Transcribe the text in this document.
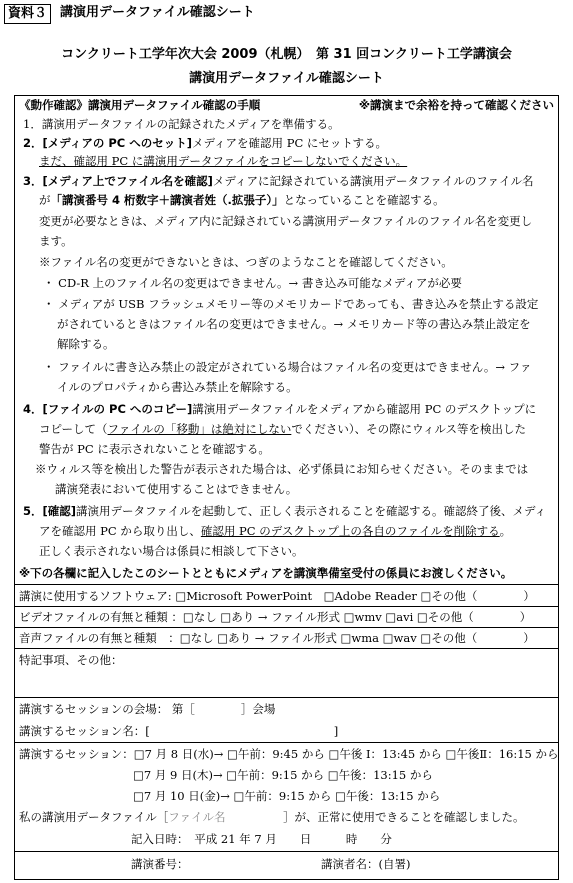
資料３ 講演用データファイル確認シート
コンクリート工学年次大会 2009（札幌）　第 31 回コンクリート工学講演会
講演用データファイル確認シート
《動作確認》講演用データファイル確認の手順	※講演まで余裕を持って確認ください
1．講演用データファイルの記録されたメディアを準備する。
2．[メディアの PC へのセット]メディアを確認用 PC にセットする。
まだ、確認用 PC に講演用データファイルをコピーしないでください。
3．[メディア上でファイル名を確認]メディアに記録されている講演用データファイルのファイル名
が「講演番号 4 桁数字＋講演者姓（.拡張子）」となっていることを確認する。
変更が必要なときは、メディア内に記録されている講演用データファイルのファイル名を変更し
ます。
※ファイル名の変更ができないときは、つぎのようなことを確認してください。
・ CD-R 上のファイル名の変更はできません。→ 書き込み可能なメディアが必要
・ メディアが USB フラッシュメモリー等のメモリカードであっても、書き込みを禁止する設定
がされているときはファイル名の変更はできません。→ メモリカード等の書込み禁止設定を
解除する。
・ ファイルに書き込み禁止の設定がされている場合はファイル名の変更はできません。→ ファ
イルのプロパティから書込み禁止を解除する。
4．[ファイルの PC へのコピー]講演用データファイルをメディアから確認用 PC のデスクトップに
コピーして（ファイルの「移動」は絶対にしないでください）、その際にウィルス等を検出した
警告が PC に表示されないことを確認する。
※ウィルス等を検出した警告が表示された場合は、必ず係員にお知らせください。そのままでは
講演発表において使用することはできません。
5．[確認]講演用データファイルを起動して、正しく表示されることを確認する。確認終了後、メディ
アを確認用 PC から取り出し、確認用 PC のデスクトップ上の各自のファイルを削除する。
正しく表示されない場合は係員に相談して下さい。
※下の各欄に記入したこのシートとともにメディアを講演準備室受付の係員にお渡しください。
講演に使用するソフトウェア: □Microsoft PowerPoint　□Adobe Reader □その他（　　　　）
ビデオファイルの有無と種類 ：□なし □あり → ファイル形式 □wmv □avi □その他（　　　　）
音声ファイルの有無と種類　：□なし □あり → ファイル形式 □wma □wav □その他（　　　　）
特記事項、その他：
講演するセッションの会場： 第［　　　　］会場
講演するセッション名：[　　　　　　　　　　　　　　　　]
講演するセッション：□7 月 8 日(水)→ □午前：9:45 から □午後 I：13:45 から □午後Ⅱ：16:15 から
□7 月 9 日(木)→ □午前：9:15 から □午後：13:15 から
□7 月 10 日(金)→ □午前：9:15 から □午後：13:15 から
私の講演用データファイル［ファイル名　　　　　	］が、正常に使用できることを確認しました。
記入日時：　平成 21 年 7 月　　日　　　時　　分
講演番号：	講演者名：(自署)
